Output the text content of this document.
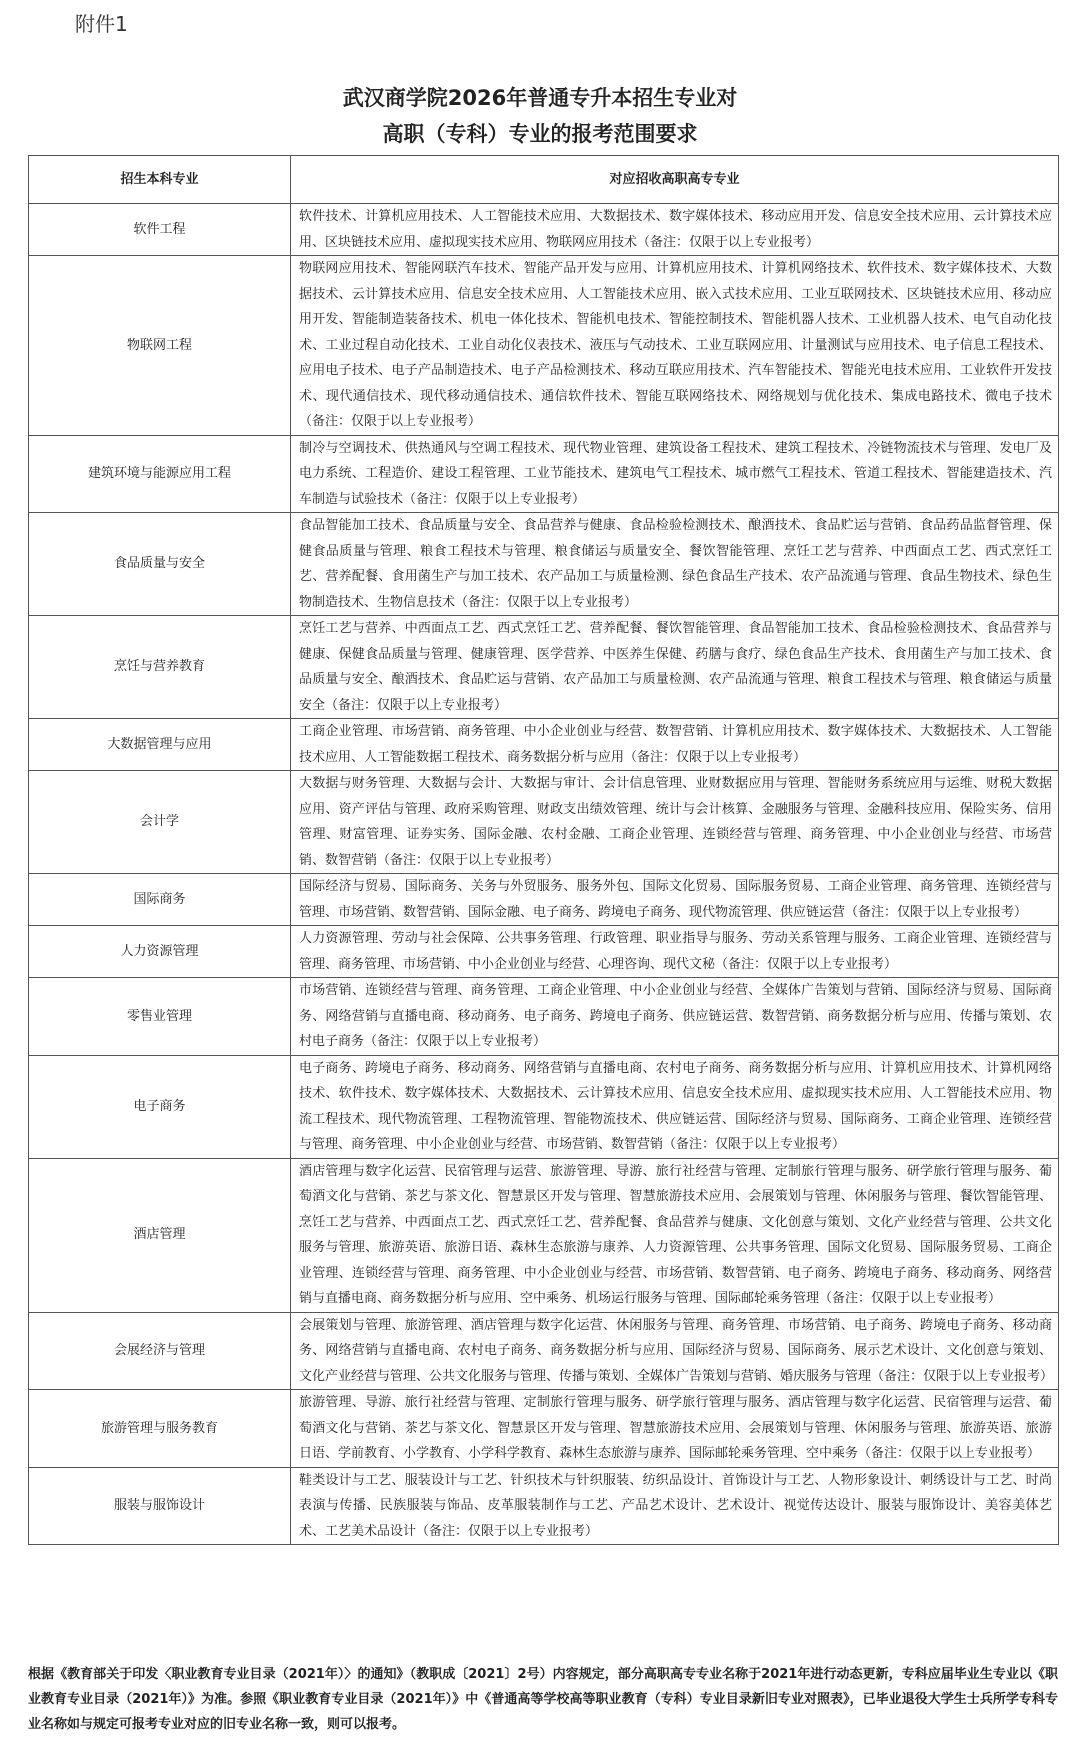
附件1
武汉商学院2026年普通专升本招生专业对
高职（专科）专业的报考范围要求
招生本科专业	对应招收高职高专专业
软件工程	软件技术、计算机应用技术、人工智能技术应用、大数据技术、数字媒体技术、移动应用开发、信息安全技术应用、云计算技术应用、区块链技术应用、虚拟现实技术应用、物联网应用技术（备注：仅限于以上专业报考）
物联网工程	物联网应用技术、智能网联汽车技术、智能产品开发与应用、计算机应用技术、计算机网络技术、软件技术、数字媒体技术、大数据技术、云计算技术应用、信息安全技术应用、人工智能技术应用、嵌入式技术应用、工业互联网技术、区块链技术应用、移动应用开发、智能制造装备技术、机电一体化技术、智能机电技术、智能控制技术、智能机器人技术、工业机器人技术、电气自动化技术、工业过程自动化技术、工业自动化仪表技术、液压与气动技术、工业互联网应用、计量测试与应用技术、电子信息工程技术、应用电子技术、电子产品制造技术、电子产品检测技术、移动互联应用技术、汽车智能技术、智能光电技术应用、工业软件开发技术、现代通信技术、现代移动通信技术、通信软件技术、智能互联网络技术、网络规划与优化技术、集成电路技术、微电子技术（备注：仅限于以上专业报考）
建筑环境与能源应用工程	制冷与空调技术、供热通风与空调工程技术、现代物业管理、建筑设备工程技术、建筑工程技术、冷链物流技术与管理、发电厂及电力系统、工程造价、建设工程管理、工业节能技术、建筑电气工程技术、城市燃气工程技术、管道工程技术、智能建造技术、汽车制造与试验技术（备注：仅限于以上专业报考）
食品质量与安全	食品智能加工技术、食品质量与安全、食品营养与健康、食品检验检测技术、酿酒技术、食品贮运与营销、食品药品监督管理、保健食品质量与管理、粮食工程技术与管理、粮食储运与质量安全、餐饮智能管理、烹饪工艺与营养、中西面点工艺、西式烹饪工艺、营养配餐、食用菌生产与加工技术、农产品加工与质量检测、绿色食品生产技术、农产品流通与管理、食品生物技术、绿色生物制造技术、生物信息技术（备注：仅限于以上专业报考）
烹饪与营养教育	烹饪工艺与营养、中西面点工艺、西式烹饪工艺、营养配餐、餐饮智能管理、食品智能加工技术、食品检验检测技术、食品营养与健康、保健食品质量与管理、健康管理、医学营养、中医养生保健、药膳与食疗、绿色食品生产技术、食用菌生产与加工技术、食品质量与安全、酿酒技术、食品贮运与营销、农产品加工与质量检测、农产品流通与管理、粮食工程技术与管理、粮食储运与质量安全（备注：仅限于以上专业报考）
大数据管理与应用	工商企业管理、市场营销、商务管理、中小企业创业与经营、数智营销、计算机应用技术、数字媒体技术、大数据技术、人工智能技术应用、人工智能数据工程技术、商务数据分析与应用（备注：仅限于以上专业报考）
会计学	大数据与财务管理、大数据与会计、大数据与审计、会计信息管理、业财数据应用与管理、智能财务系统应用与运维、财税大数据应用、资产评估与管理、政府采购管理、财政支出绩效管理、统计与会计核算、金融服务与管理、金融科技应用、保险实务、信用管理、财富管理、证券实务、国际金融、农村金融、工商企业管理、连锁经营与管理、商务管理、中小企业创业与经营、市场营销、数智营销（备注：仅限于以上专业报考）
国际商务	国际经济与贸易、国际商务、关务与外贸服务、服务外包、国际文化贸易、国际服务贸易、工商企业管理、商务管理、连锁经营与管理、市场营销、数智营销、国际金融、电子商务、跨境电子商务、现代物流管理、供应链运营（备注：仅限于以上专业报考）
人力资源管理	人力资源管理、劳动与社会保障、公共事务管理、行政管理、职业指导与服务、劳动关系管理与服务、工商企业管理、连锁经营与管理、商务管理、市场营销、中小企业创业与经营、心理咨询、现代文秘（备注：仅限于以上专业报考）
零售业管理	市场营销、连锁经营与管理、商务管理、工商企业管理、中小企业创业与经营、全媒体广告策划与营销、国际经济与贸易、国际商务、网络营销与直播电商、移动商务、电子商务、跨境电子商务、供应链运营、数智营销、商务数据分析与应用、传播与策划、农村电子商务（备注：仅限于以上专业报考）
电子商务	电子商务、跨境电子商务、移动商务、网络营销与直播电商、农村电子商务、商务数据分析与应用、计算机应用技术、计算机网络技术、软件技术、数字媒体技术、大数据技术、云计算技术应用、信息安全技术应用、虚拟现实技术应用、人工智能技术应用、物流工程技术、现代物流管理、工程物流管理、智能物流技术、供应链运营、国际经济与贸易、国际商务、工商企业管理、连锁经营与管理、商务管理、中小企业创业与经营、市场营销、数智营销（备注：仅限于以上专业报考）
酒店管理	酒店管理与数字化运营、民宿管理与运营、旅游管理、导游、旅行社经营与管理、定制旅行管理与服务、研学旅行管理与服务、葡萄酒文化与营销、茶艺与茶文化、智慧景区开发与管理、智慧旅游技术应用、会展策划与管理、休闲服务与管理、餐饮智能管理、烹饪工艺与营养、中西面点工艺、西式烹饪工艺、营养配餐、食品营养与健康、文化创意与策划、文化产业经营与管理、公共文化服务与管理、旅游英语、旅游日语、森林生态旅游与康养、人力资源管理、公共事务管理、国际文化贸易、国际服务贸易、工商企业管理、连锁经营与管理、商务管理、中小企业创业与经营、市场营销、数智营销、电子商务、跨境电子商务、移动商务、网络营销与直播电商、商务数据分析与应用、空中乘务、机场运行服务与管理、国际邮轮乘务管理（备注：仅限于以上专业报考）
会展经济与管理	会展策划与管理、旅游管理、酒店管理与数字化运营、休闲服务与管理、商务管理、市场营销、电子商务、跨境电子商务、移动商务、网络营销与直播电商、农村电子商务、商务数据分析与应用、国际经济与贸易、国际商务、展示艺术设计、文化创意与策划、文化产业经营与管理、公共文化服务与管理、传播与策划、全媒体广告策划与营销、婚庆服务与管理（备注：仅限于以上专业报考）
旅游管理与服务教育	旅游管理、导游、旅行社经营与管理、定制旅行管理与服务、研学旅行管理与服务、酒店管理与数字化运营、民宿管理与运营、葡萄酒文化与营销、茶艺与茶文化、智慧景区开发与管理、智慧旅游技术应用、会展策划与管理、休闲服务与管理、旅游英语、旅游日语、学前教育、小学教育、小学科学教育、森林生态旅游与康养、国际邮轮乘务管理、空中乘务（备注：仅限于以上专业报考）
服装与服饰设计	鞋类设计与工艺、服装设计与工艺、针织技术与针织服装、纺织品设计、首饰设计与工艺、人物形象设计、刺绣设计与工艺、时尚表演与传播、民族服装与饰品、皮革服装制作与工艺、产品艺术设计、艺术设计、视觉传达设计、服装与服饰设计、美容美体艺术、工艺美术品设计（备注：仅限于以上专业报考）
根据《教育部关于印发〈职业教育专业目录（2021年）〉的通知》（教职成〔2021〕2号）内容规定，部分高职高专专业名称于2021年进行动态更新，专科应届毕业生专业以《职业教育专业目录（2021年）》为准。参照《职业教育专业目录（2021年）》中《普通高等学校高等职业教育（专科）专业目录新旧专业对照表》，已毕业退役大学生士兵所学专科专业名称如与规定可报考专业对应的旧专业名称一致，则可以报考。
